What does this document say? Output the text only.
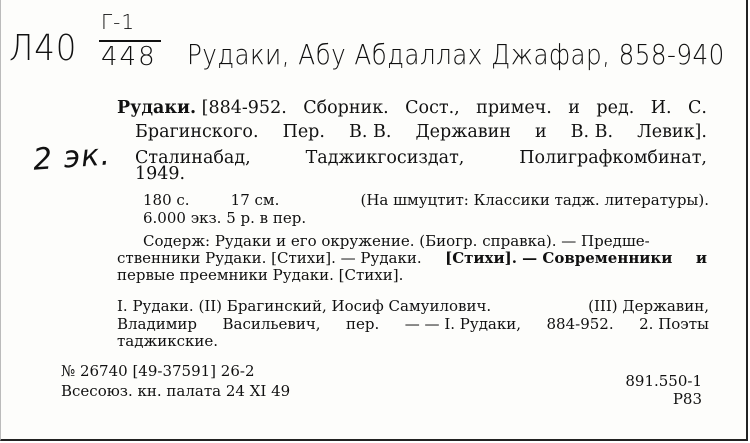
Л40
Г-1
448 Рудаки, Абу Абдаллах Джафар, 858-940
2 эк.
Рудаки. [884-952. Сборник. Сост., примеч. и ред. И. С.
Брагинского. Пер. В. В. Державин и В. В. Левик].
Сталинабад,	Таджикгосиздат,	Полиграфкомбинат,
1949.
180 с.	17 см.	(На шмуцтит: Классики тадж. литературы).
6.000 экз. 5 р. в пер.
Содерж: Рудаки и его окружение. (Биогр. справка). — Предше-
ственники Рудаки. [Стихи]. — Рудаки. [Стихи]. — Современники и
первые преемники Рудаки. [Стихи].
I. Рудаки. (II) Брагинский, Иосиф Самуилович.	(III) Державин,
Владимир Васильевич, пер. — — I. Рудаки, 884-952. 2. Поэты
таджикские.
№ 26740 [49-37591] 26-2
Всесоюз. кн. палата 24 XI 49
891.550-1
Р83
